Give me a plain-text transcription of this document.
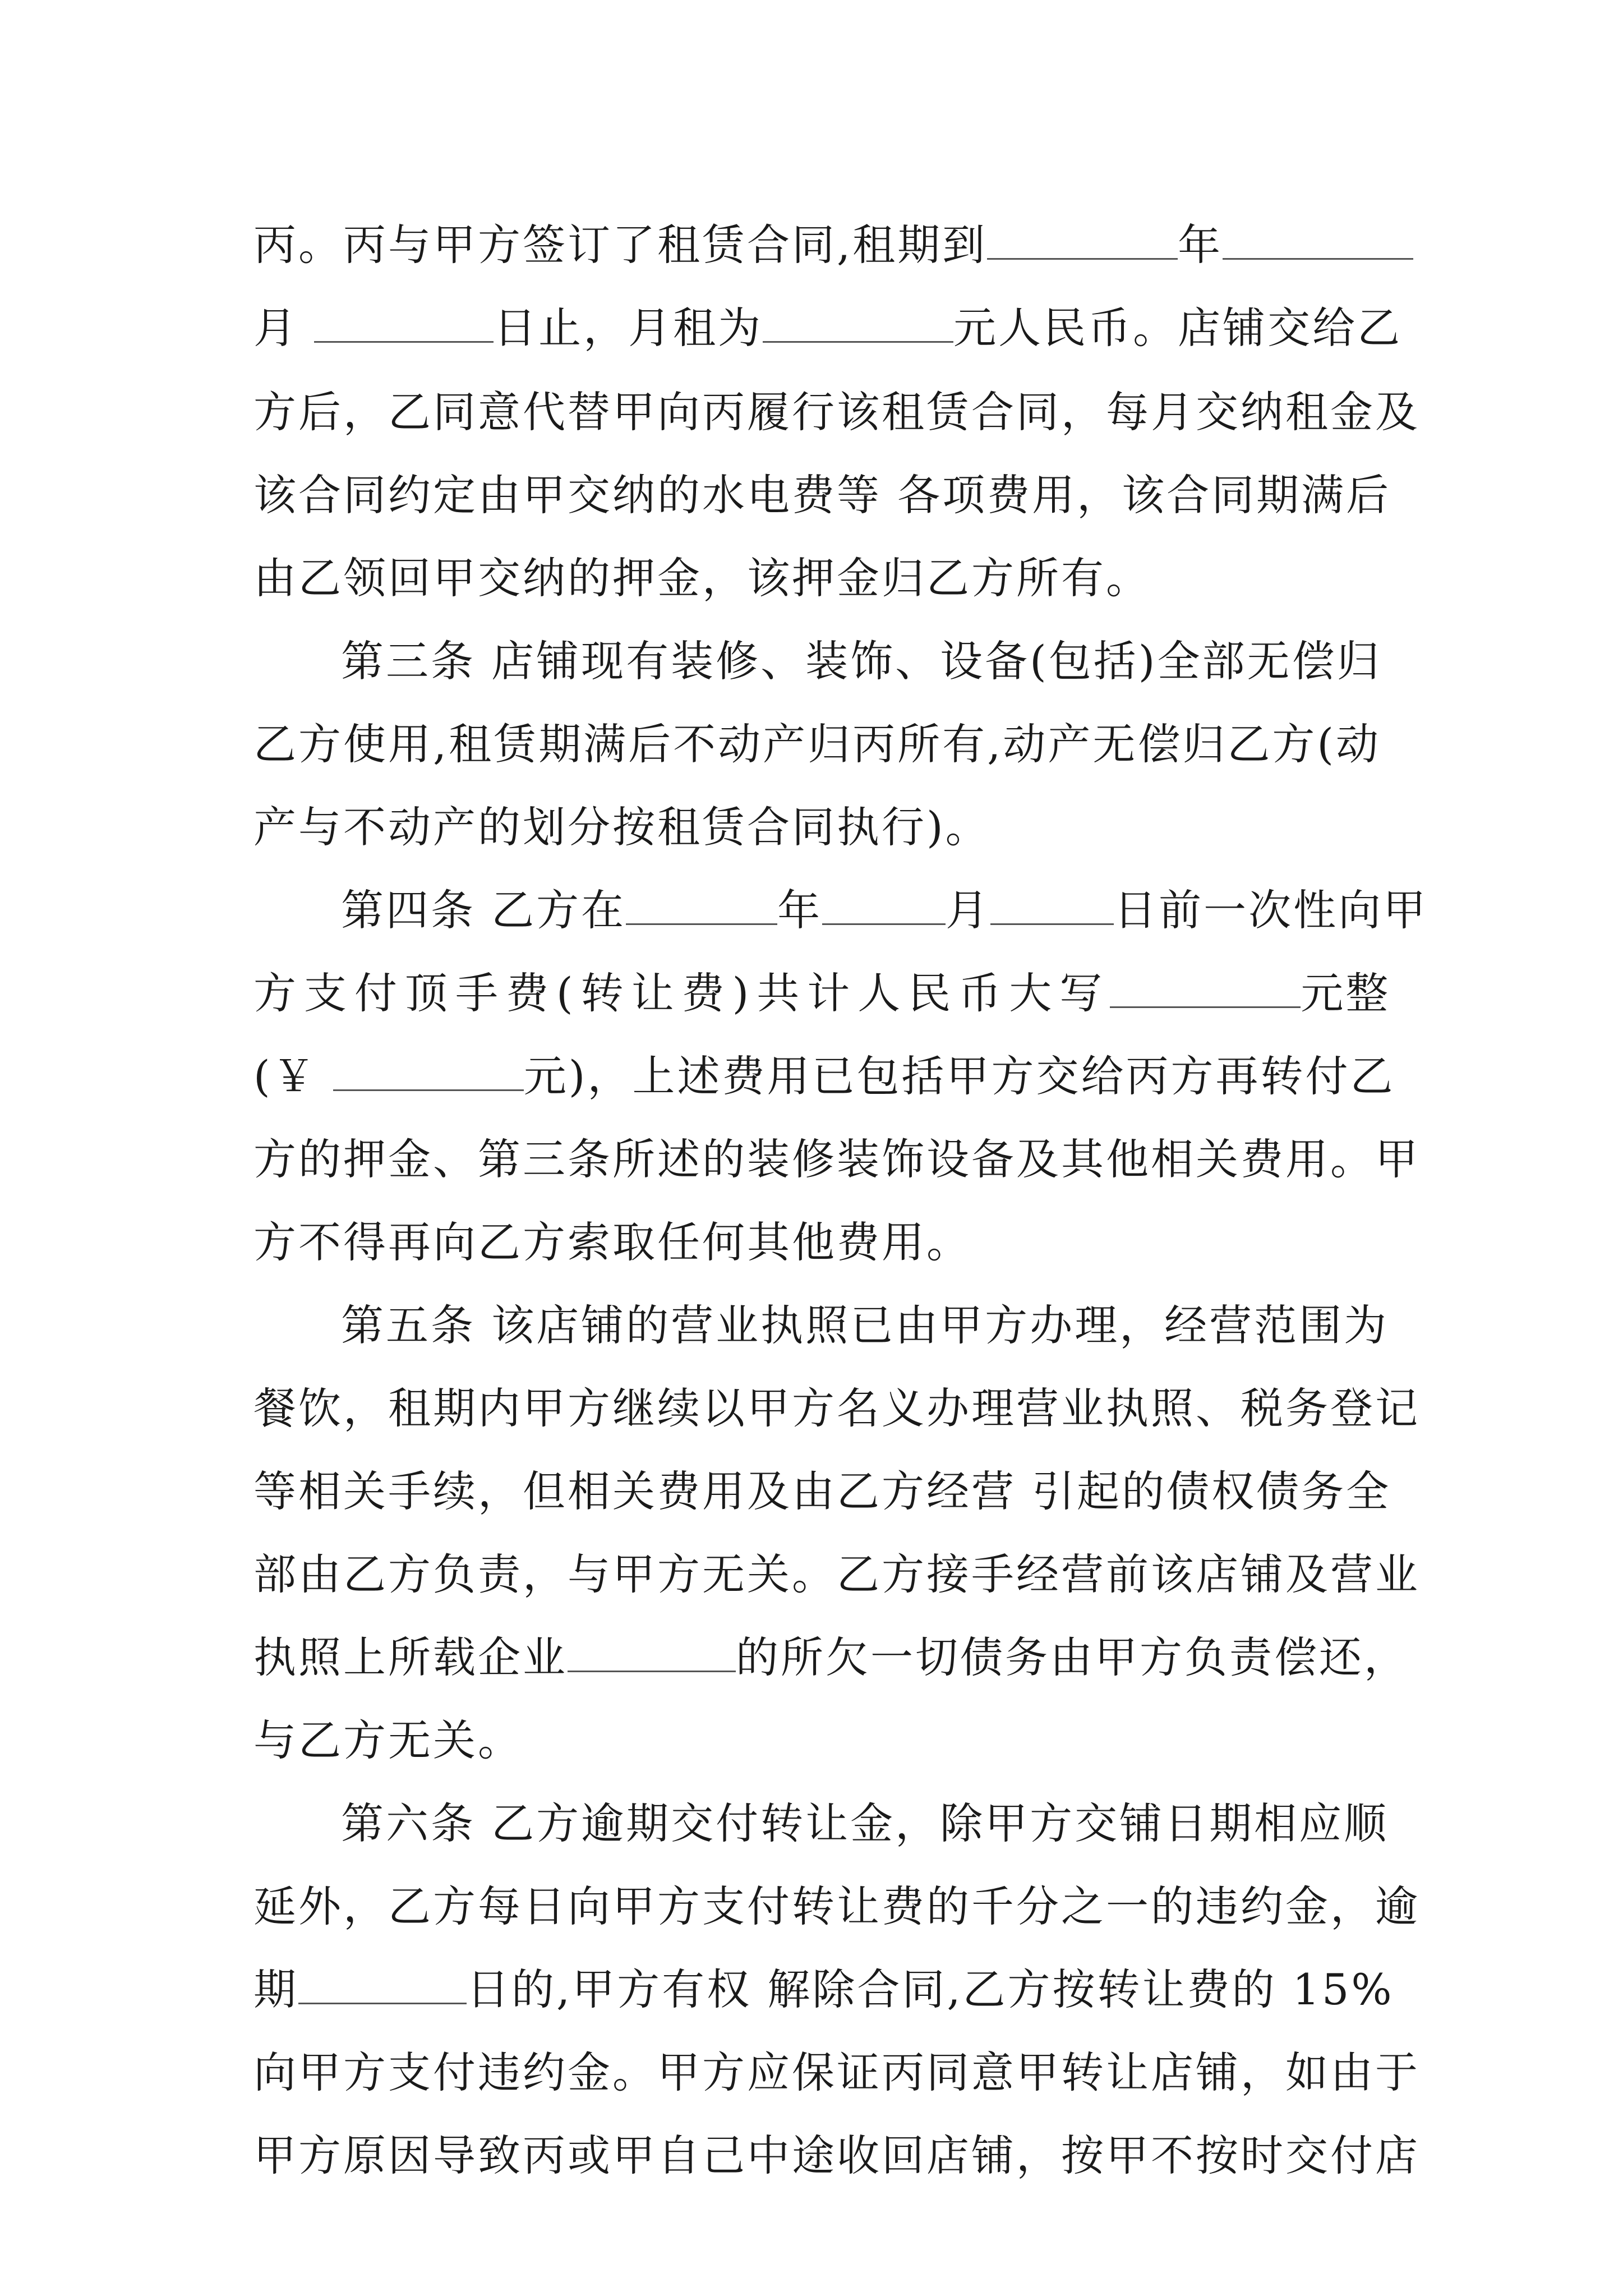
丙。丙与甲方签订了租赁合同,租期到	年
月	日止，月租为	元人民币。店铺交给乙
方后，乙同意代替甲向丙履行该租赁合同，每月交纳租金及
该合同约定由甲交纳的水电费等 各项费用，该合同期满后
由乙领回甲交纳的押金，该押金归乙方所有。
第三条 店铺现有装修、装饰、设备(包括)全部无偿归
乙方使用,租赁期满后不动产归丙所有,动产无偿归乙方(动
产与不动产的划分按租赁合同执行)。
第四条 乙方在	年	月	日前一次性向甲
方支付顶手费(转让费)共计人民币大写	元整
(￥	元)，上述费用已包括甲方交给丙方再转付乙
方的押金、第三条所述的装修装饰设备及其他相关费用。甲
方不得再向乙方索取任何其他费用。
第五条 该店铺的营业执照已由甲方办理，经营范围为
餐饮，租期内甲方继续以甲方名义办理营业执照、税务登记
等相关手续，但相关费用及由乙方经营 引起的债权债务全
部由乙方负责，与甲方无关。乙方接手经营前该店铺及营业
执照上所载企业	的所欠一切债务由甲方负责偿还，
与乙方无关。
第六条 乙方逾期交付转让金，除甲方交铺日期相应顺
延外，乙方每日向甲方支付转让费的千分之一的违约金，逾
期	日的,甲方有权 解除合同,乙方按转让费的 15%
向甲方支付违约金。甲方应保证丙同意甲转让店铺，如由于
甲方原因导致丙或甲自己中途收回店铺，按甲不按时交付店
